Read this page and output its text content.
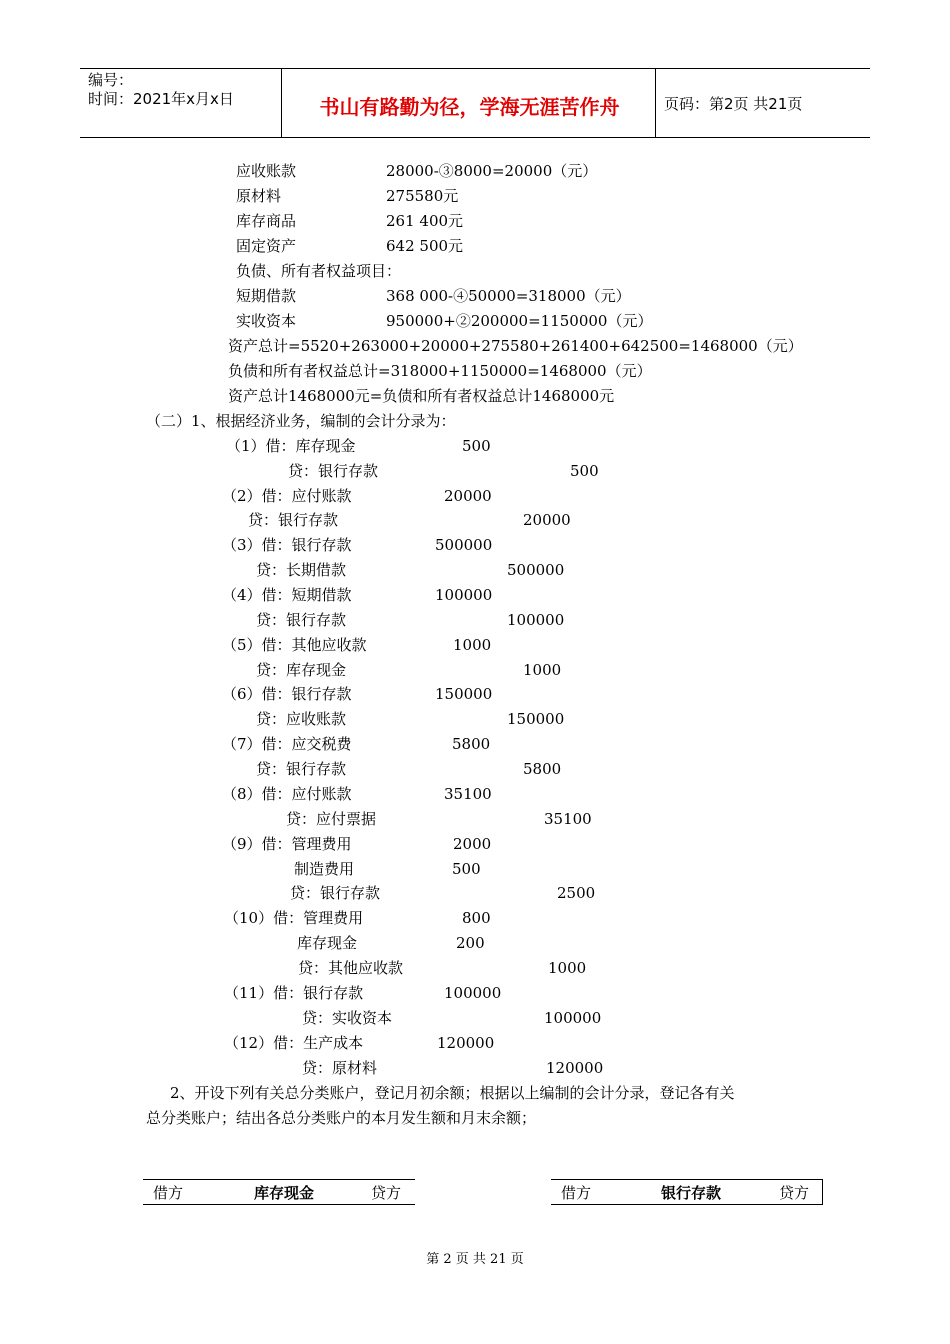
编号：
时间：2021年x月x日	书山有路勤为径，学海无涯苦作舟	页码：第2页 共21页
应收账款	28000-③8000=20000（元）
原材料	275580元
库存商品	261 400元
固定资产	642 500元
负债、所有者权益项目：
短期借款	368 000-④50000=318000（元）
实收资本	950000+②200000=1150000（元）
资产总计=5520+263000+20000+275580+261400+642500=1468000（元）
负债和所有者权益总计=318000+1150000=1468000（元）
资产总计1468000元=负债和所有者权益总计1468000元
（二）1、根据经济业务，编制的会计分录为：
（1）借：库存现金	500
贷：银行存款	500
（2）借：应付账款	20000
贷：银行存款	20000
（3）借：银行存款	500000
贷：长期借款	500000
（4）借：短期借款	100000
贷：银行存款	100000
（5）借：其他应收款	1000
贷：库存现金	1000
（6）借：银行存款	150000
贷：应收账款	150000
（7）借：应交税费	5800
贷：银行存款	5800
（8）借：应付账款	35100
贷：应付票据	35100
（9）借：管理费用	2000
制造费用	500
贷：银行存款	2500
（10）借：管理费用	800
库存现金	200
贷：其他应收款	1000
（11）借：银行存款	100000
贷：实收资本	100000
（12）借：生产成本	120000
贷：原材料	120000
2、开设下列有关总分类账户，登记月初余额；根据以上编制的会计分录，登记各有关
总分类账户；结出各总分类账户的本月发生额和月末余额；
借方	库存现金	贷方	借方	银行存款	贷方
第 2 页 共 21 页
